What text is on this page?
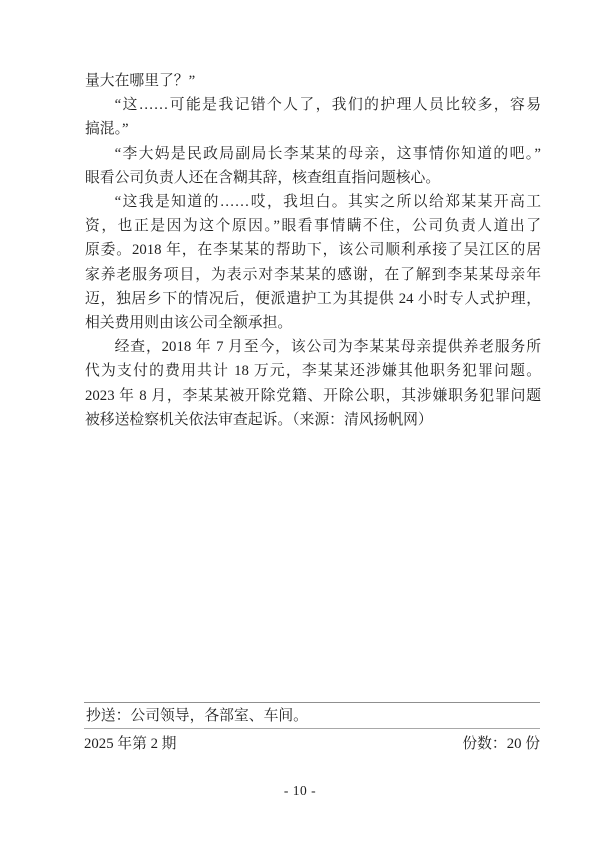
量大在哪里了？”
“这……可能是我记错个人了，我们的护理人员比较多，容易
搞混。”
“李大妈是民政局副局长李某某的母亲，这事情你知道的吧。”
眼看公司负责人还在含糊其辞，核查组直指问题核心。
“这我是知道的……哎，我坦白。其实之所以给郑某某开高工
资，也正是因为这个原因。”眼看事情瞒不住，公司负责人道出了
原委。2018 年，在李某某的帮助下，该公司顺利承接了吴江区的居
家养老服务项目，为表示对李某某的感谢，在了解到李某某母亲年
迈，独居乡下的情况后，便派遣护工为其提供 24 小时专人式护理，
相关费用则由该公司全额承担。
经查，2018 年 7 月至今，该公司为李某某母亲提供养老服务所
代为支付的费用共计 18 万元，李某某还涉嫌其他职务犯罪问题。
2023 年 8 月，李某某被开除党籍、开除公职，其涉嫌职务犯罪问题
被移送检察机关依法审查起诉。（来源：清风扬帆网）
抄送：公司领导，各部室、车间。
2025 年第 2 期	份数：20 份
- 10 -
